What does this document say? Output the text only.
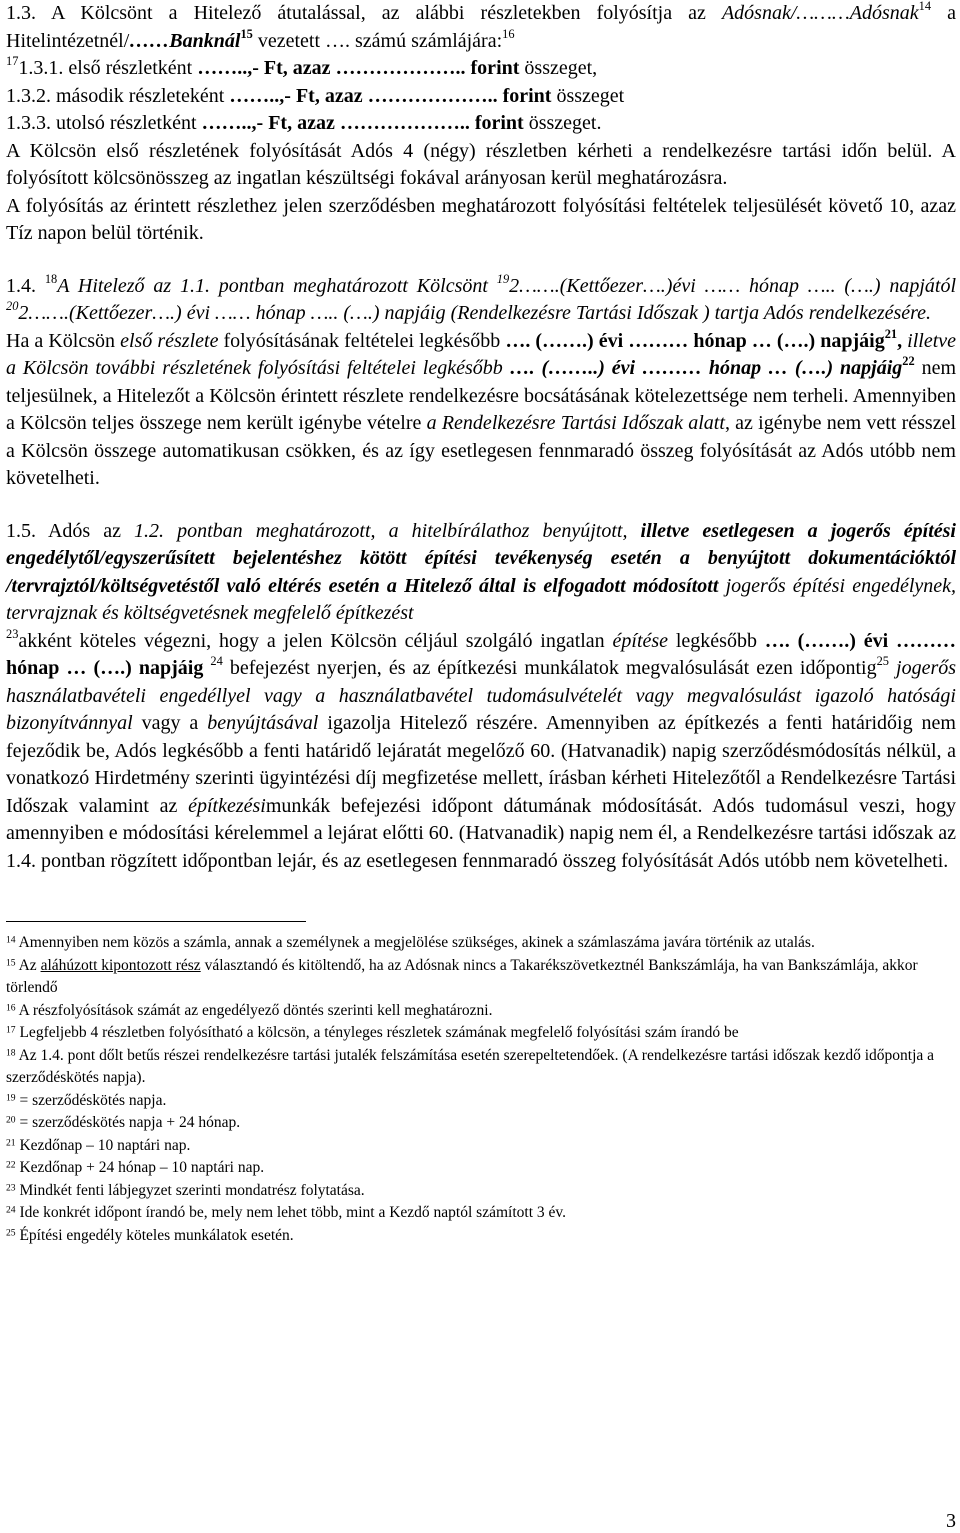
1.3. A Kölcsönt a Hitelező átutalással, az alábbi részletekben folyósítja az Adósnak/………Adósnak$^{14}$ a Hitelintézetnél/……Banknál$^{15}$ vezetett …. számú számlájára:$^{16}$

$^{17}$1.3.1. első részletként ……..,- Ft, azaz ……………….. forint összeget,

1.3.2. második részleteként ……..,- Ft, azaz ……………….. forint összeget

1.3.3. utolsó részletként ……..,- Ft, azaz ……………….. forint összeget.

A Kölcsön első részletének folyósítását Adós 4 (négy) részletben kérheti a rendelkezésre tartási időn belül. A folyósított kölcsönösszeg az ingatlan készültségi fokával arányosan kerül meghatározásra.

A folyósítás az érintett részlethez jelen szerződésben meghatározott folyósítási feltételek teljesülését követő 10, azaz Tíz napon belül történik.

1.4. $^{18}$A Hitelező az 1.1. pontban meghatározott Kölcsönt $^{19}$2…….(Kettőezer….)évi …… hónap ….. (….) napjától $^{20}$2…….(Kettőezer….) évi …… hónap ….. (….) napjáig (Rendelkezésre Tartási Időszak ) tartja Adós rendelkezésére.

Ha a Kölcsön első részlete folyósításának feltételei legkésőbb …. (…….) évi ……… hónap … (….) napjáig$^{21}$, illetve a Kölcsön további részletének folyósítási feltételei legkésőbb …. (……..) évi ……… hónap … (….) napjáig$^{22}$ nem teljesülnek, a Hitelezőt a Kölcsön érintett részlete rendelkezésre bocsátásának kötelezettsége nem terheli. Amennyiben a Kölcsön teljes összege nem került igénybe vételre a Rendelkezésre Tartási Időszak alatt, az igénybe nem vett résszel a Kölcsön összege automatikusan csökken, és az így esetlegesen fennmaradó összeg folyósítását az Adós utóbb nem követelheti.

1.5. Adós az 1.2. pontban meghatározott, a hitelbírálathoz benyújtott, illetve esetlegesen a jogerős építési engedélytől/egyszerűsített bejelentéshez kötött építési tevékenység esetén a benyújtott dokumentációktól /tervrajztól/költségvetéstől való eltérés esetén a Hitelező által is elfogadott módosított jogerős építési engedélynek, tervrajznak és költségvetésnek megfelelő építkezést

$^{23}$akként köteles végezni, hogy a jelen Kölcsön céljául szolgáló ingatlan építése legkésőbb …. (…….) évi ……… hónap … (….) napjáig $^{24}$ befejezést nyerjen, és az építkezési munkálatok megvalósulását ezen időpontig$^{25}$ jogerős használatbavételi engedéllyel vagy a használatbavétel tudomásulvételét vagy megvalósulást igazoló hatósági bizonyítvánnyal vagy a benyújtásával igazolja Hitelező részére. Amennyiben az építkezés a fenti határidőig nem fejeződik be, Adós legkésőbb a fenti határidő lejáratát megelőző 60. (Hatvanadik) napig szerződésmódosítás nélkül, a vonatkozó Hirdetmény szerinti ügyintézési díj megfizetése mellett, írásban kérheti Hitelezőtől a Rendelkezésre Tartási Időszak valamint az építkezésimunkák befejezési időpont dátumának módosítását. Adós tudomásul veszi, hogy amennyiben e módosítási kérelemmel a lejárat előtti 60. (Hatvanadik) napig nem él, a Rendelkezésre tartási időszak az 1.4. pontban rögzített időpontban lejár, és az esetlegesen fennmaradó összeg folyósítását Adós utóbb nem követelheti.

$^{14}$ Amennyiben nem közös a számla, annak a személynek a megjelölése szükséges, akinek a számlaszáma javára történik az utalás.

$^{15}$ Az aláhúzott kipontozott rész választandó és kitöltendő, ha az Adósnak nincs a Takarékszövetkeztnél Bankszámlája, ha van Bankszámlája, akkor törlendő

$^{16}$ A részfolyósítások számát az engedélyező döntés szerinti kell meghatározni.

$^{17}$ Legfeljebb 4 részletben folyósítható a kölcsön, a tényleges részletek számának megfelelő folyósítási szám írandó be

$^{18}$ Az 1.4. pont dőlt betűs részei rendelkezésre tartási jutalék felszámítása esetén szerepeltetendőek. (A rendelkezésre tartási időszak kezdő időpontja a szerződéskötés napja).

$^{19}$ = szerződéskötés napja.

$^{20}$ = szerződéskötés napja + 24 hónap.

$^{21}$ Kezdőnap – 10 naptári nap.

$^{22}$ Kezdőnap + 24 hónap – 10 naptári nap.

$^{23}$ Mindkét fenti lábjegyzet szerinti mondatrész folytatása.

$^{24}$ Ide konkrét időpont írandó be, mely nem lehet több, mint a Kezdő naptól számított 3 év.

$^{25}$ Építési engedély köteles munkálatok esetén.

3
